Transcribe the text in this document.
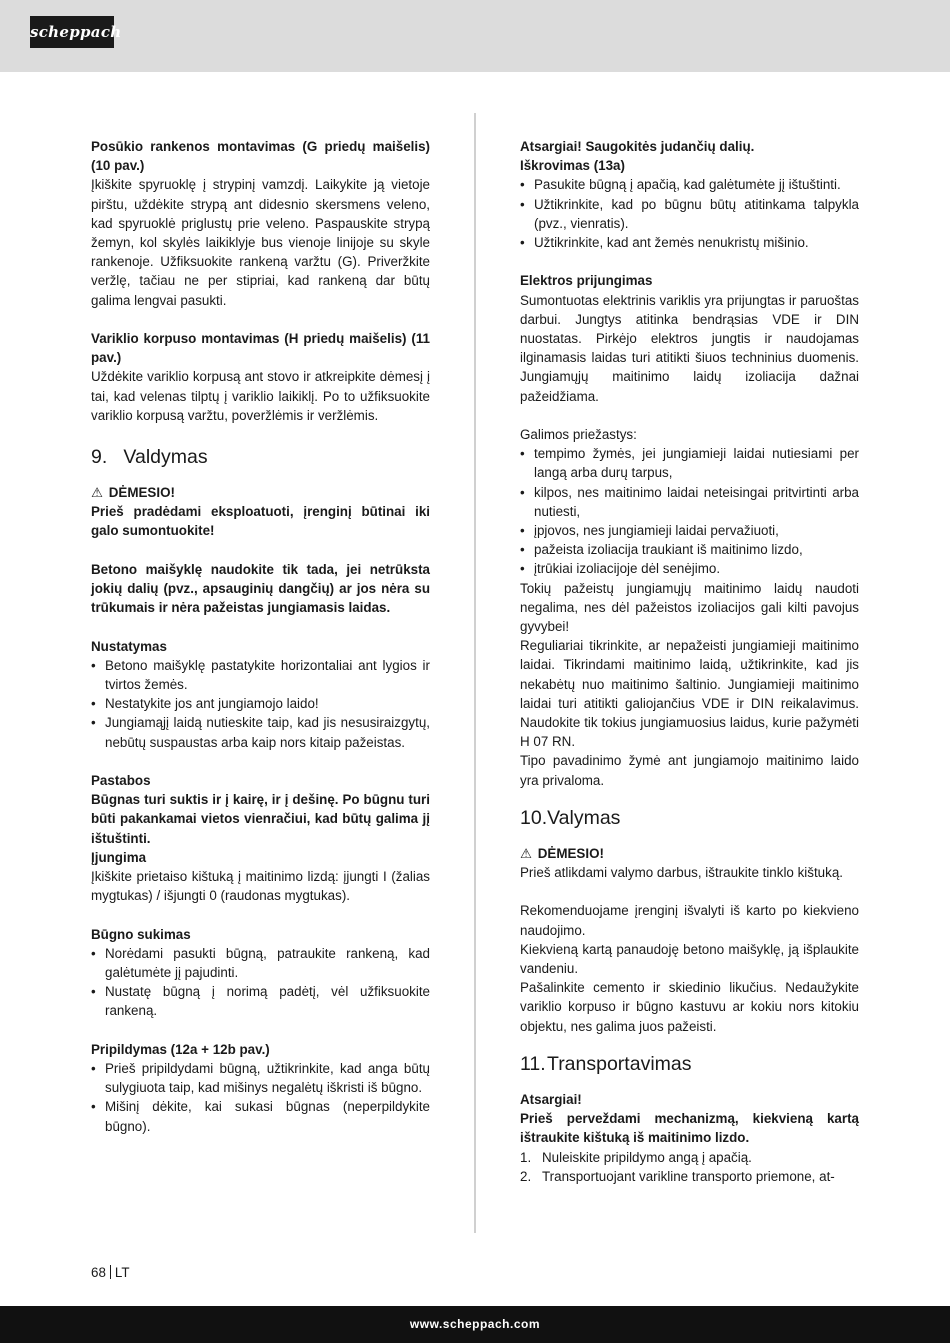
scheppach

Posūkio rankenos montavimas (G priedų maišelis) (10 pav.)

Įkiškite spyruoklę į strypinį vamzdį. Laikykite ją vietoje pirštu, uždėkite strypą ant didesnio skersmens veleno, kad spyruoklė priglustų prie veleno. Paspauskite strypą žemyn, kol skylės laikiklyje bus vienoje linijoje su skyle rankenoje. Užfiksuokite rankeną varžtu (G). Priveržkite veržlę, tačiau ne per stipriai, kad rankeną dar būtų galima lengvai pasukti.

Variklio korpuso montavimas (H priedų maišelis) (11 pav.)

Uždėkite variklio korpusą ant stovo ir atkreipkite dėmesį į tai, kad velenas tilptų į variklio laikiklį. Po to užfiksuokite variklio korpusą varžtu, poveržlėmis ir veržlėmis.

9. Valdymas

⚠ DĖMESIO!

Prieš pradėdami eksploatuoti, įrenginį būtinai iki galo sumontuokite!

Betono maišyklę naudokite tik tada, jei netrūksta jokių dalių (pvz., apsauginių dangčių) ar jos nėra su trūkumais ir nėra pažeistas jungiamasis laidas.

Nustatymas

• Betono maišyklę pastatykite horizontaliai ant lygios ir tvirtos žemės.
• Nestatykite jos ant jungiamojo laido!
• Jungiamąjį laidą nutieskite taip, kad jis nesusiraizgytų, nebūtų suspaustas arba kaip nors kitaip pažeistas.

Pastabos

Būgnas turi suktis ir į kairę, ir į dešinę. Po būgnu turi būti pakankamai vietos vienračiui, kad būtų galima jį ištuštinti.

Įjungima

Įkiškite prietaiso kištuką į maitinimo lizdą: įjungti I (žalias mygtukas) / išjungti 0 (raudonas mygtukas).

Būgno sukimas

• Norėdami pasukti būgną, patraukite rankeną, kad galėtumėte jį pajudinti.
• Nustatę būgną į norimą padėtį, vėl užfiksuokite rankeną.

Pripildymas (12a + 12b pav.)

• Prieš pripildydami būgną, užtikrinkite, kad anga būtų sulygiuota taip, kad mišinys negalėtų iškristi iš būgno.
• Mišinį dėkite, kai sukasi būgnas (neperpildykite būgno).

Atsargiai! Saugokitės judančių dalių.

Iškrovimas (13a)

• Pasukite būgną į apačią, kad galėtumėte jį ištuštinti.
• Užtikrinkite, kad po būgnu būtų atitinkama talpykla (pvz., vienratis).
• Užtikrinkite, kad ant žemės nenukristų mišinio.

Elektros prijungimas

Sumontuotas elektrinis variklis yra prijungtas ir paruoštas darbui. Jungtys atitinka bendrąsias VDE ir DIN nuostatas. Pirkėjo elektros jungtis ir naudojamas ilginamasis laidas turi atitikti šiuos techninius duomenis. Jungiamųjų maitinimo laidų izoliacija dažnai pažeidžiama.

Galimos priežastys:

• tempimo žymės, jei jungiamieji laidai nutiesiami per langą arba durų tarpus,
• kilpos, nes maitinimo laidai neteisingai pritvirtinti arba nutiesti,
• įpjovos, nes jungiamieji laidai pervažiuoti,
• pažeista izoliacija traukiant iš maitinimo lizdo,
• įtrūkiai izoliacijoje dėl senėjimo.

Tokių pažeistų jungiamųjų maitinimo laidų naudoti negalima, nes dėl pažeistos izoliacijos gali kilti pavojus gyvybei!

Reguliariai tikrinkite, ar nepažeisti jungiamieji maitinimo laidai. Tikrindami maitinimo laidą, užtikrinkite, kad jis nekabėtų nuo maitinimo šaltinio. Jungiamieji maitinimo laidai turi atitikti galiojančius VDE ir DIN reikalavimus. Naudokite tik tokius jungiamuosius laidus, kurie pažymėti H 07 RN.

Tipo pavadinimo žymė ant jungiamojo maitinimo laido yra privaloma.

10.Valymas

⚠ DĖMESIO!

Prieš atlikdami valymo darbus, ištraukite tinklo kištuką.

Rekomenduojame įrenginį išvalyti iš karto po kiekvieno naudojimo.

Kiekvieną kartą panaudoję betono maišyklę, ją išplaukite vandeniu.

Pašalinkite cemento ir skiedinio likučius. Nedaužykite variklio korpuso ir būgno kastuvu ar kokiu nors kitokiu objektu, nes galima juos pažeisti.

11.Transportavimas

Atsargiai!

Prieš perveždami mechanizmą, kiekvieną kartą ištraukite kištuką iš maitinimo lizdo.

1. Nuleiskite pripildymo angą į apačią.
2. Transportuojant varikline transporto priemone, at-
68 LT
www.scheppach.com
